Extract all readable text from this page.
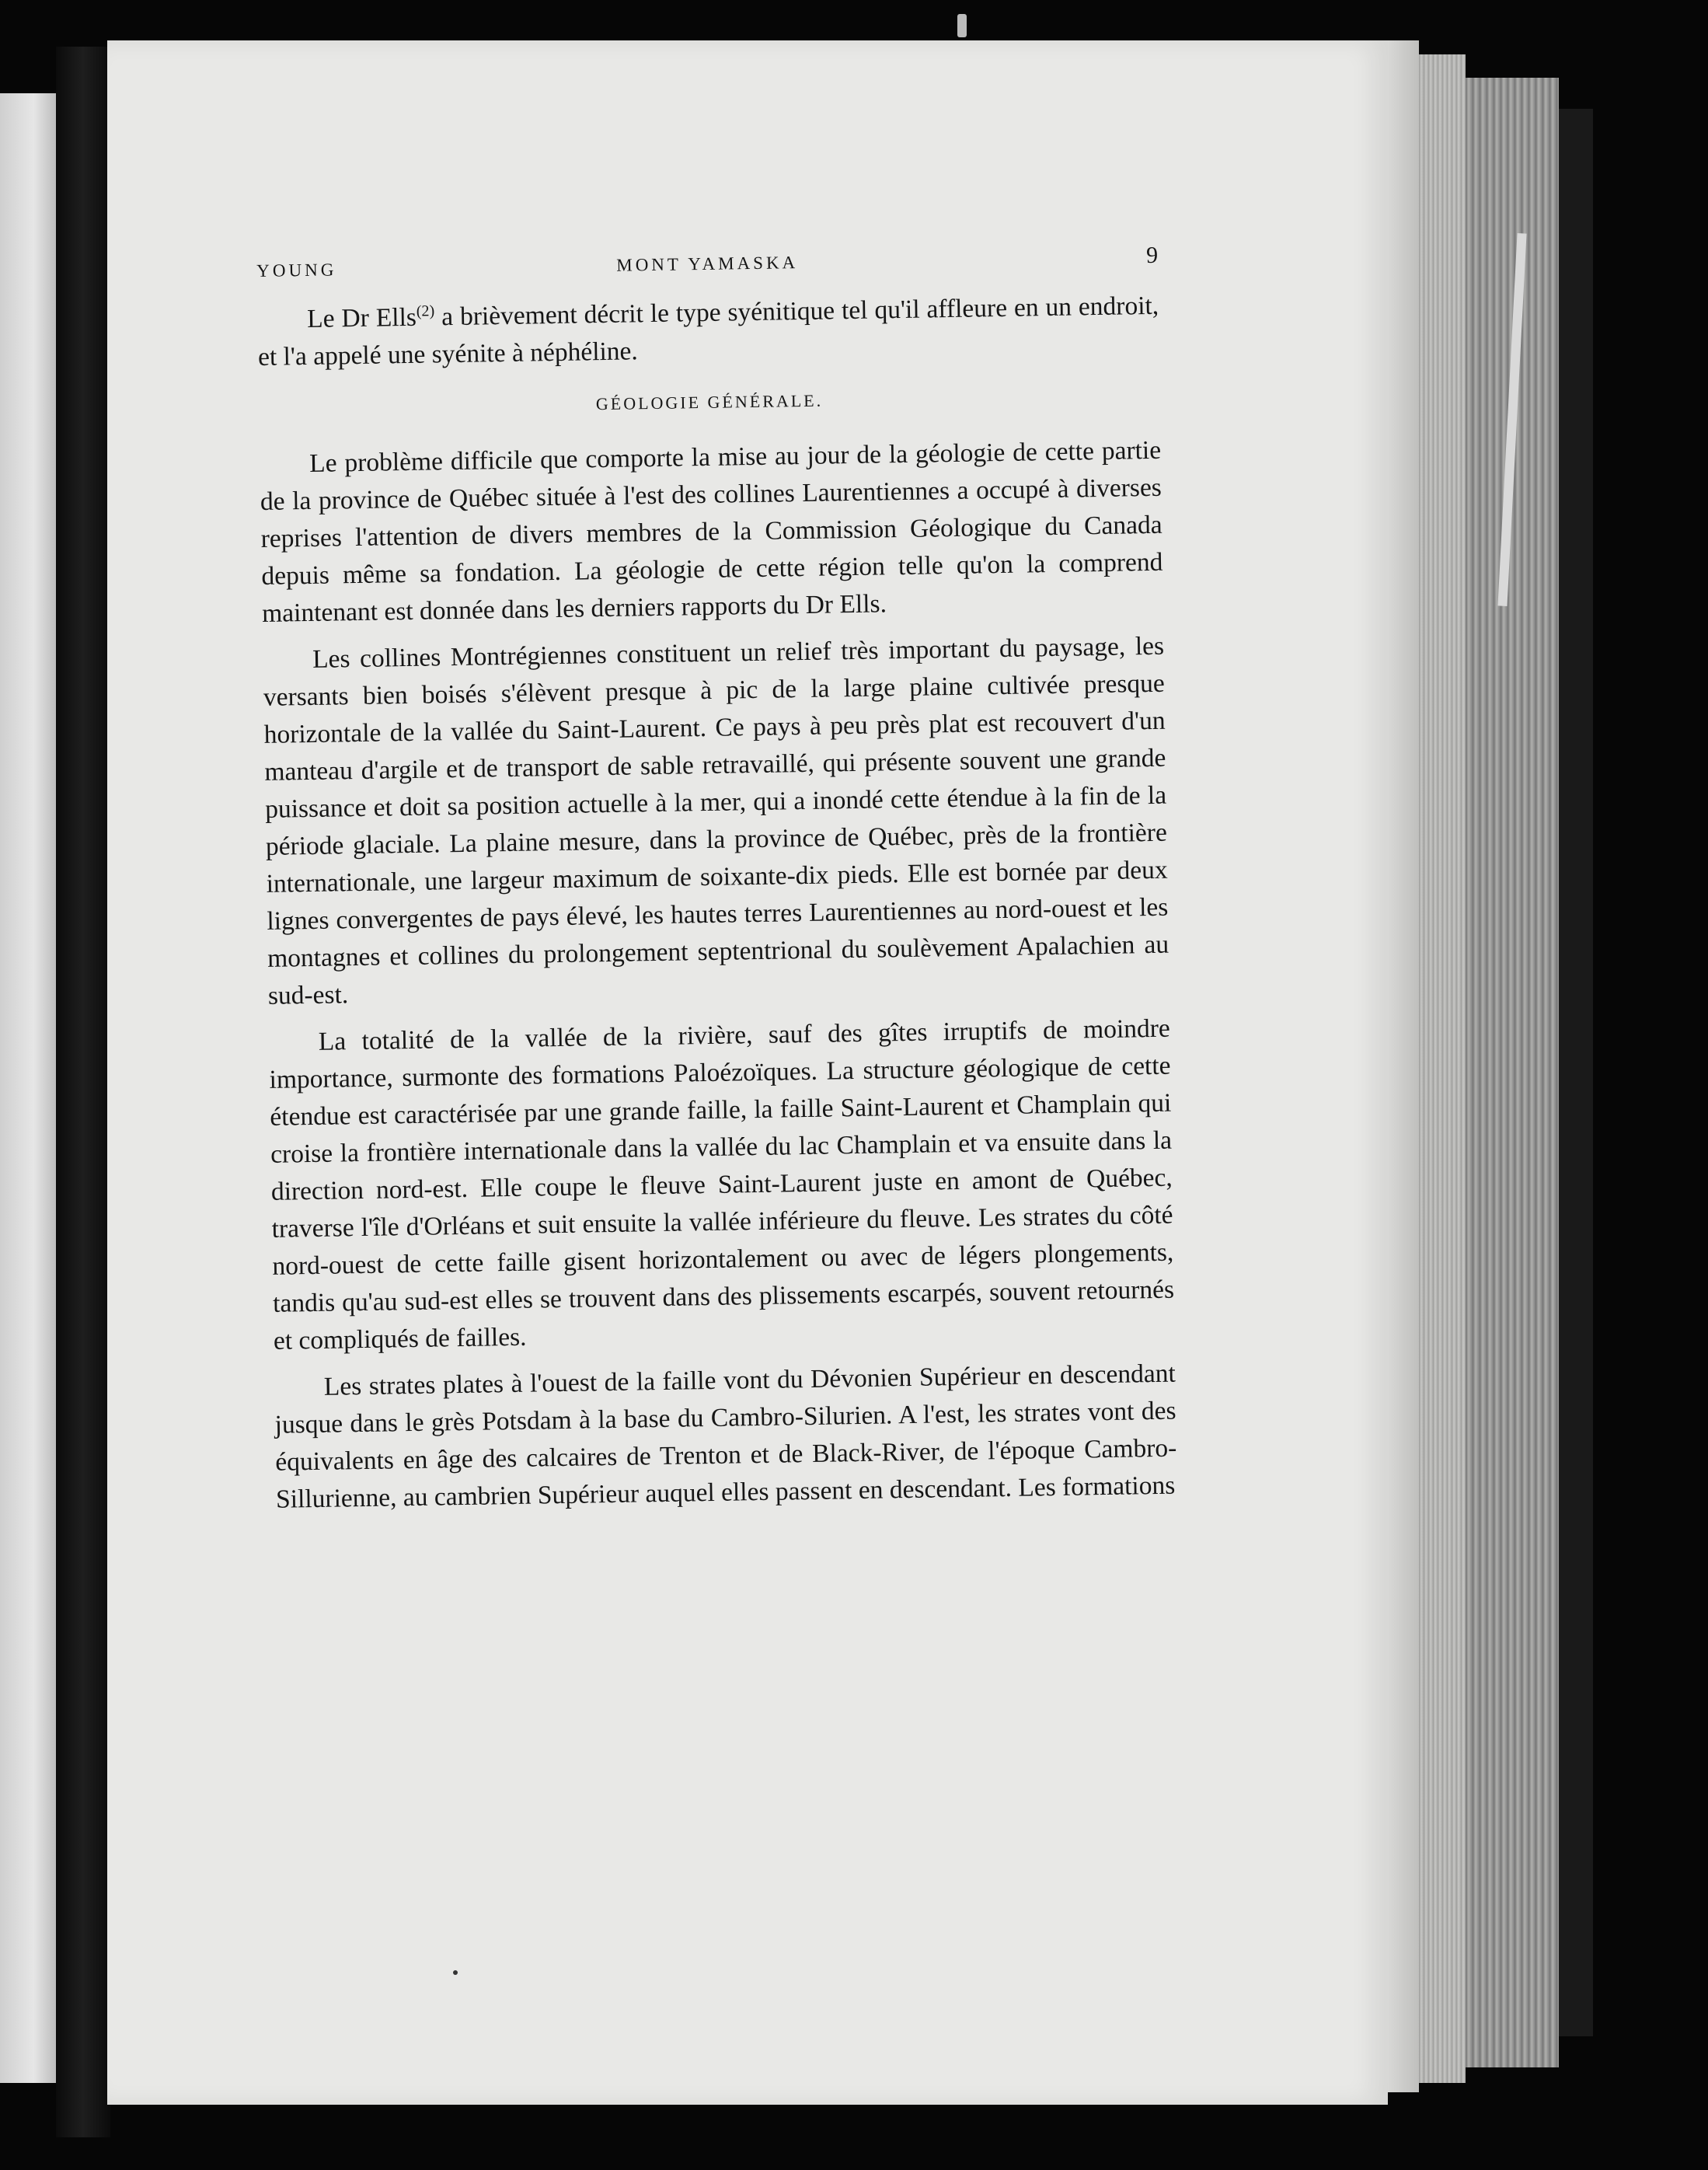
YOUNG	MONT YAMASKA	9

Le Dr Ells$^{(2)}$ a brièvement décrit le type syénitique tel qu'il affleure en un endroit, et l'a appelé une syénite à néphéline.

GÉOLOGIE GÉNÉRALE.

Le problème difficile que comporte la mise au jour de la géologie de cette partie de la province de Québec située à l'est des collines Laurentiennes a occupé à diverses reprises l'attention de divers membres de la Commission Géologique du Canada depuis même sa fondation. La géologie de cette région telle qu'on la comprend maintenant est donnée dans les derniers rapports du Dr Ells.

Les collines Montrégiennes constituent un relief très important du paysage, les versants bien boisés s'élèvent presque à pic de la large plaine cultivée presque horizontale de la vallée du Saint-Laurent. Ce pays à peu près plat est recouvert d'un manteau d'argile et de transport de sable retravaillé, qui présente souvent une grande puissance et doit sa position actuelle à la mer, qui a inondé cette étendue à la fin de la période glaciale. La plaine mesure, dans la province de Québec, près de la frontière internationale, une largeur maximum de soixante-dix pieds. Elle est bornée par deux lignes convergentes de pays élevé, les hautes terres Laurentiennes au nord-ouest et les montagnes et collines du prolongement septentrional du soulèvement Apalachien au sud-est.

La totalité de la vallée de la rivière, sauf des gîtes irruptifs de moindre importance, surmonte des formations Paloézoïques. La structure géologique de cette étendue est caractérisée par une grande faille, la faille Saint-Laurent et Champlain qui croise la frontière internationale dans la vallée du lac Champlain et va ensuite dans la direction nord-est. Elle coupe le fleuve Saint-Laurent juste en amont de Québec, traverse l'île d'Orléans et suit ensuite la vallée inférieure du fleuve. Les strates du côté nord-ouest de cette faille gisent horizontalement ou avec de légers plongements, tandis qu'au sud-est elles se trouvent dans des plissements escarpés, souvent retournés et compliqués de failles.

Les strates plates à l'ouest de la faille vont du Dévonien Supérieur en descendant jusque dans le grès Potsdam à la base du Cambro-Silurien. A l'est, les strates vont des équivalents en âge des calcaires de Trenton et de Black-River, de l'époque Cambro-Sillurienne, au cambrien Supérieur auquel elles passent en descendant. Les formations
